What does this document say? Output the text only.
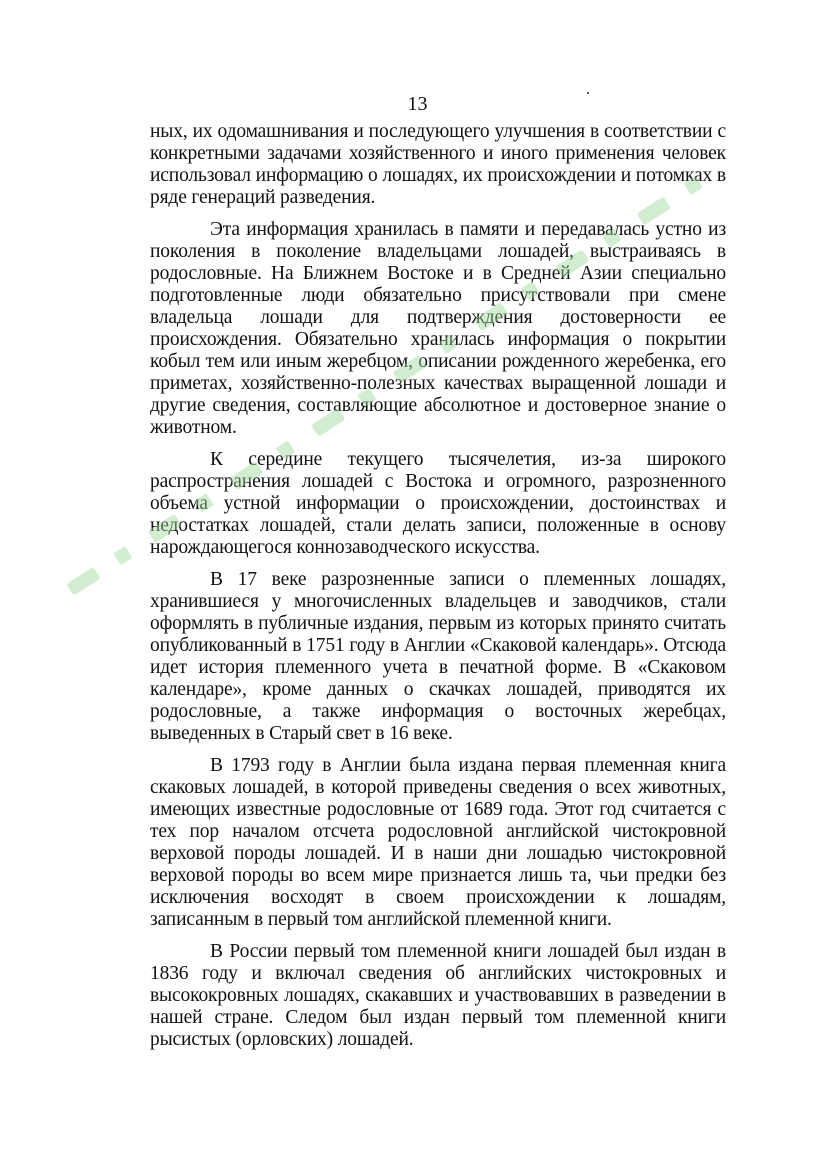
13

ных, их одомашнивания и последующего улучшения в соответствии с конкретными задачами хозяйственного и иного применения человек использовал информацию о лошадях, их происхождении и потомках в ряде генераций разведения.

Эта информация хранилась в памяти и передавалась устно из поколения в поколение владельцами лошадей, выстраиваясь в родословные. На Ближнем Востоке и в Средней Азии специально подготовленные люди обязательно присутствовали при смене владельца лошади для подтверждения достоверности ее происхождения. Обязательно хранилась информация о покрытии кобыл тем или иным жеребцом, описании рожденного жеребенка, его приметах, хозяйственно-полезных качествах выращенной лошади и другие сведения, составляющие абсолютное и достоверное знание о животном.

К середине текущего тысячелетия, из-за широкого распространения лошадей с Востока и огромного, разрозненного объема устной информации о происхождении, достоинствах и недостатках лошадей, стали делать записи, положенные в основу нарождающегося коннозаводческого искусства.

В 17 веке разрозненные записи о племенных лошадях, хранившиеся у многочисленных владельцев и заводчиков, стали оформлять в публичные издания, первым из которых принято считать опубликованный в 1751 году в Англии «Скаковой календарь». Отсюда идет история племенного учета в печатной форме. В «Скаковом календаре», кроме данных о скачках лошадей, приводятся их родословные, а также информация о восточных жеребцах, выведенных в Старый свет в 16 веке.

В 1793 году в Англии была издана первая племенная книга скаковых лошадей, в которой приведены сведения о всех животных, имеющих известные родословные от 1689 года. Этот год считается с тех пор началом отсчета родословной английской чистокровной верховой породы лошадей. И в наши дни лошадью чистокровной верховой породы во всем мире признается лишь та, чьи предки без исключения восходят в своем происхождении к лошадям, записанным в первый том английской племенной книги.

В России первый том племенной книги лошадей был издан в 1836 году и включал сведения об английских чистокровных и высококровных лошадях, скакавших и участвовавших в разведении в нашей стране. Следом был издан первый том племенной книги рысистых (орловских) лошадей.
